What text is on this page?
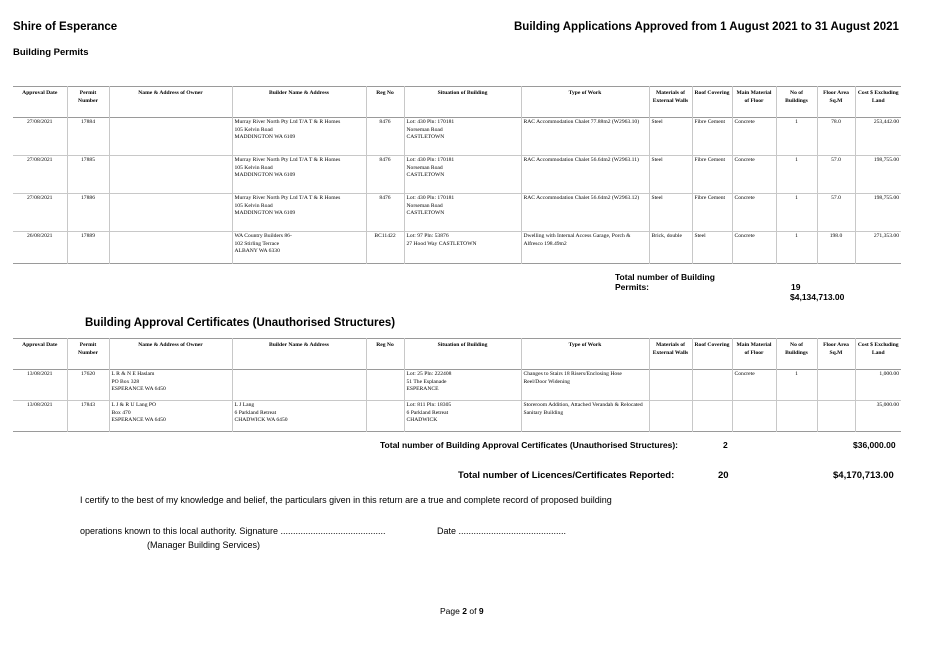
Shire of Esperance	Building Applications Approved from 1 August 2021 to 31 August 2021
Building Permits
Approval Date	Permit Number	Name & Address of Owner	Builder Name & Address	Reg No	Situation of Building	Type of Work	Materials of External Walls	Roof Covering	Main Material of Floor	No of Buildings	Floor Area Sq.M	Cost $ Excluding Land
27/08/2021	17884		Murray River North Pty Ltd T/A T & R Homes
105 Kelvin Road
MADDINGTON WA 6109	8476	Lot: 430 Pln: 170181
Norseman Road
CASTLETOWN	RAC Accommodation Chalet 77.88m2 (W2963.10)	Steel	Fibre Cement	Concrete	1	78.0	253,442.00
27/08/2021	17885		Murray River North Pty Ltd T/A T & R Homes
105 Kelvin Road
MADDINGTON WA 6109	8476	Lot: 430 Pln: 170181
Norseman Road
CASTLETOWN	RAC Accommodation Chalet 56.64m2 (W2963.11)	Steel	Fibre Cement	Concrete	1	57.0	198,755.00
27/08/2021	17886		Murray River North Pty Ltd T/A T & R Homes
105 Kelvin Road
MADDINGTON WA 6109	8476	Lot: 430 Pln: 170181
Norseman Road
CASTLETOWN	RAC Accommodation Chalet 56.64m2 (W2963.12)	Steel	Fibre Cement	Concrete	1	57.0	198,755.00
26/08/2021	17889		WA Country Builders 86-
102 Stirling Terrace
ALBANY WA 6330	BC11422	Lot: 97 Pln: 53876
27 Hood Way CASTLETOWN	Dwelling with Internal Access Garage, Porch & Alfresco 198.49m2	Brick, double	Steel	Concrete	1	198.0	271,353.00
Total number of Building
Permits:	19
$4,134,713.00
Building Approval Certificates (Unauthorised Structures)
Approval Date	Permit Number	Name & Address of Owner	Builder Name & Address	Reg No	Situation of Building	Type of Work	Materials of External Walls	Roof Covering	Main Material of Floor	No of Buildings	Floor Area Sq.M	Cost $ Excluding Land
13/08/2021	17620	L R & N E Haslam
PO Box 328
ESPERANCE WA 6450			Lot: 25 Pln: 222408
51 The Esplanade
ESPERANCE	Changes to Stairs 18 Risers/Enclosing Hose Reel/Door Widening			Concrete	1		1,000.00
13/08/2021	17843	L J & R U Lang PO
Box 470
ESPERANCE WA 6450	L J Lang
6 Parkland Retreat
CHADWICK WA 6450		Lot: 811 Pln: 18305
6 Parkland Retreat
CHADWICK	Storeroom Addition, Attached Verandah & Relocated Sanitary Building						35,000.00
Total number of Building Approval Certificates (Unauthorised Structures):	2	$36,000.00
Total number of Licences/Certificates Reported:	20	$4,170,713.00
I certify to the best of my knowledge and belief, the particulars given in this return are a true and complete record of proposed building
operations known to this local authority. Signature ..........................................	Date ...........................................
(Manager Building Services)
Page 2 of 9
